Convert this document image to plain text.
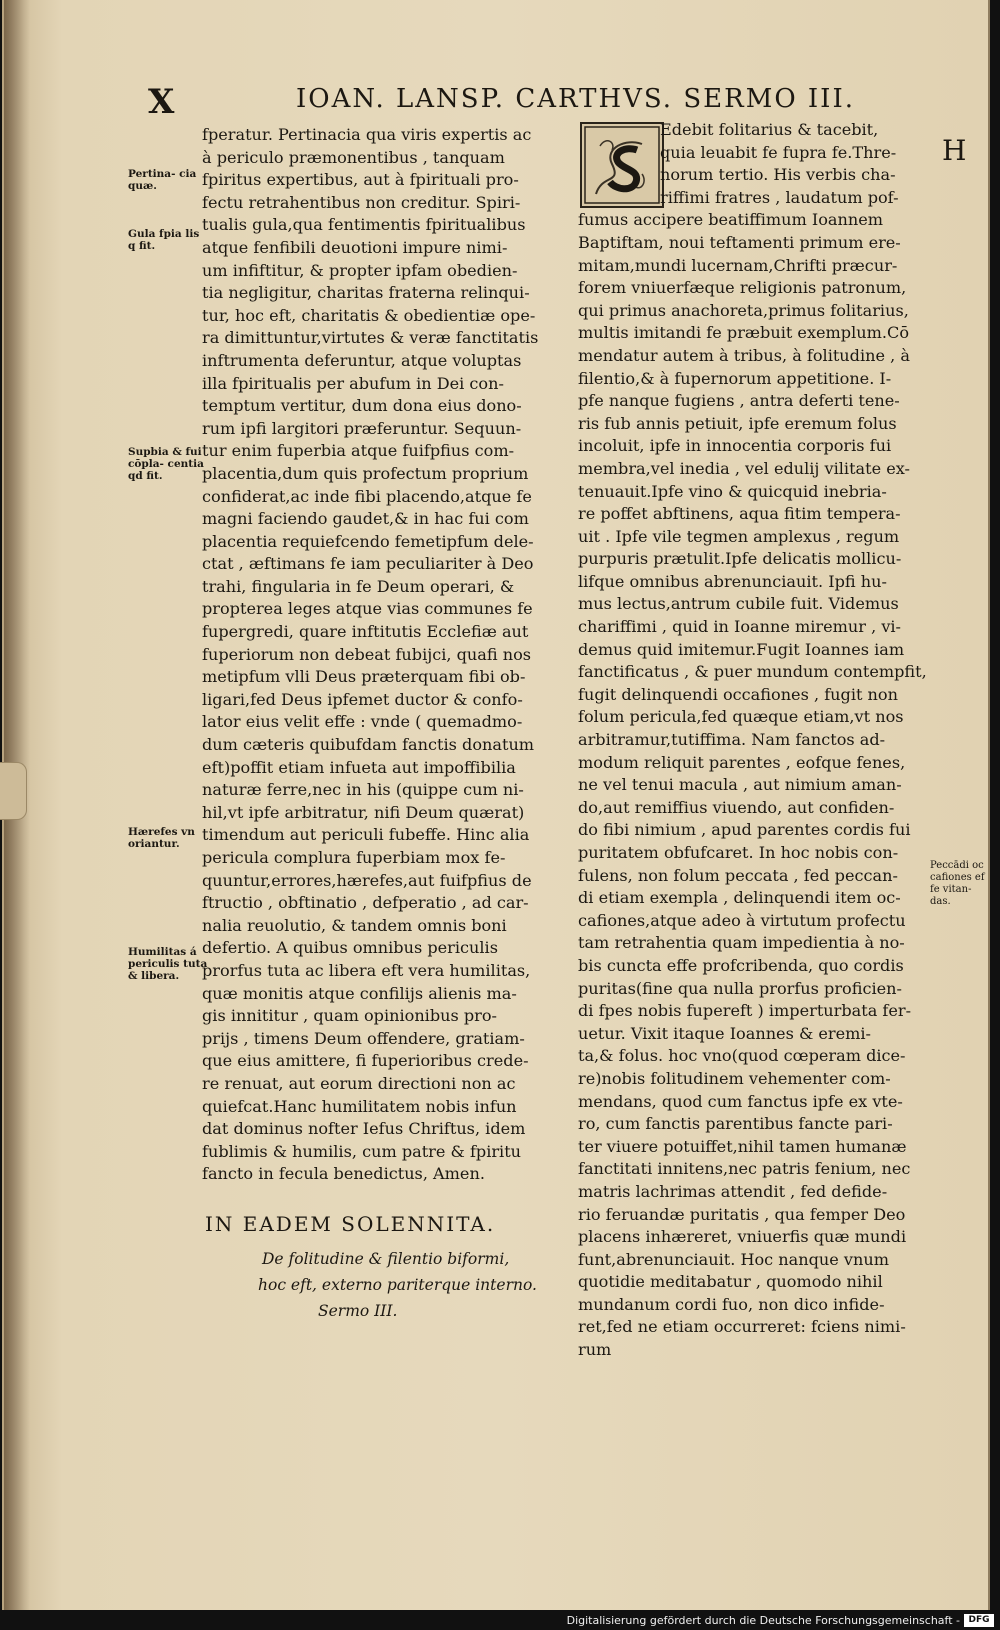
X	IOAN. LANSP. CARTHVS. SERMO III.
H
Pertina- cia quæ.
Gula fpia lis q fit.
Supbia & fui cōpla- centia qd fit.
Hærefes vn oriantur.
Humilitas á periculis tuta & libera.
Peccādi oc cafiones ef fe vitan- das.
fperatur. Pertinacia qua viris expertis ac
à periculo præmonentibus , tanquam
fpiritus expertibus, aut à fpirituali pro-
fectu retrahentibus non creditur. Spiri-
tualis gula,qua fentimentis fpiritualibus
atque fenfibili deuotioni impure nimi-
um infiftitur, & propter ipfam obedien-
tia negligitur, charitas fraterna relinqui-
tur, hoc eft, charitatis & obedientiæ ope-
ra dimittuntur,virtutes & veræ fanctitatis
inftrumenta deferuntur, atque voluptas
illa fpiritualis per abufum in Dei con-
temptum vertitur, dum dona eius dono-
rum ipfi largitori præferuntur. Sequun-
tur enim fuperbia atque fuifpfius com-
placentia,dum quis profectum proprium
confiderat,ac inde fibi placendo,atque fe
magni faciendo gaudet,& in hac fui com
placentia requiefcendo femetipfum dele-
ctat , æftimans fe iam peculiariter à Deo
trahi, fingularia in fe Deum operari, &
propterea leges atque vias communes fe
fupergredi, quare inftitutis Ecclefiæ aut
fuperiorum non debeat fubijci, quafi nos
metipfum vlli Deus præterquam fibi ob-
ligari,fed Deus ipfemet ductor & confo-
lator eius velit effe : vnde ( quemadmo-
dum cæteris quibufdam fanctis donatum
eft)poffit etiam infueta aut impoffibilia
naturæ ferre,nec in his (quippe cum ni-
hil,vt ipfe arbitratur, nifi Deum quærat)
timendum aut periculi fubeffe. Hinc alia
pericula complura fuperbiam mox fe-
quuntur,errores,hærefes,aut fuifpfius de
ftructio , obftinatio , defperatio , ad car-
nalia reuolutio, & tandem omnis boni
defertio. A quibus omnibus periculis
prorfus tuta ac libera eft vera humilitas,
quæ monitis atque confilijs alienis ma-
gis innititur , quam opinionibus pro-
prijs , timens Deum offendere, gratiam-
que eius amittere, fi fuperioribus crede-
re renuat, aut eorum directioni non ac
quiefcat.Hanc humilitatem nobis infun
dat dominus nofter Iefus Chriftus, idem
fublimis & humilis, cum patre & fpiritu
fancto in fecula benedictus, Amen.
IN EADEM SOLENNITA.
De folitudine & filentio biformi,
hoc eft, externo pariterque interno.
Sermo III.
Edebit folitarius & tacebit,
quia leuabit fe fupra fe.Thre-
norum tertio. His verbis cha-
riffimi fratres , laudatum pof-
fumus accipere beatiffimum Ioannem
Baptiftam, noui teftamenti primum ere-
mitam,mundi lucernam,Chrifti præcur-
forem vniuerfæque religionis patronum,
qui primus anachoreta,primus folitarius,
multis imitandi fe præbuit exemplum.Cō
mendatur autem à tribus, à folitudine , à
filentio,& à fupernorum appetitione. I-
pfe nanque fugiens , antra deferti tene-
ris fub annis petiuit, ipfe eremum folus
incoluit, ipfe in innocentia corporis fui
membra,vel inedia , vel edulij vilitate ex-
tenuauit.Ipfe vino & quicquid inebria-
re poffet abftinens, aqua fitim tempera-
uit . Ipfe vile tegmen amplexus , regum
purpuris prætulit.Ipfe delicatis mollicu-
lifque omnibus abrenunciauit. Ipfi hu-
mus lectus,antrum cubile fuit. Videmus
chariffimi , quid in Ioanne miremur , vi-
demus quid imitemur.Fugit Ioannes iam
fanctificatus , & puer mundum contempfit,
fugit delinquendi occafiones , fugit non
folum pericula,fed quæque etiam,vt nos
arbitramur,tutiffima. Nam fanctos ad-
modum reliquit parentes , eofque fenes,
ne vel tenui macula , aut nimium aman-
do,aut remiffius viuendo, aut confiden-
do fibi nimium , apud parentes cordis fui
puritatem obfufcaret. In hoc nobis con-
fulens, non folum peccata , fed peccan-
di etiam exempla , delinquendi item oc-
cafiones,atque adeo à virtutum profectu
tam retrahentia quam impedientia à no-
bis cuncta effe profcribenda, quo cordis
puritas(fine qua nulla prorfus proficien-
di fpes nobis fupereft ) imperturbata fer-
uetur. Vixit itaque Ioannes & eremi-
ta,& folus. hoc vno(quod cœperam dice-
re)nobis folitudinem vehementer com-
mendans, quod cum fanctus ipfe ex vte-
ro, cum fanctis parentibus fancte pari-
ter viuere potuiffet,nihil tamen humanæ
fanctitati innitens,nec patris fenium, nec
matris lachrimas attendit , fed defide-
rio feruandæ puritatis , qua femper Deo
placens inhæreret, vniuerfis quæ mundi
funt,abrenunciauit. Hoc nanque vnum
quotidie meditabatur , quomodo nihil
mundanum cordi fuo, non dico infide-
ret,fed ne etiam occurreret: fciens nimi-
rum
Digitalisierung gefördert durch die Deutsche Forschungsgemeinschaft - DFG
